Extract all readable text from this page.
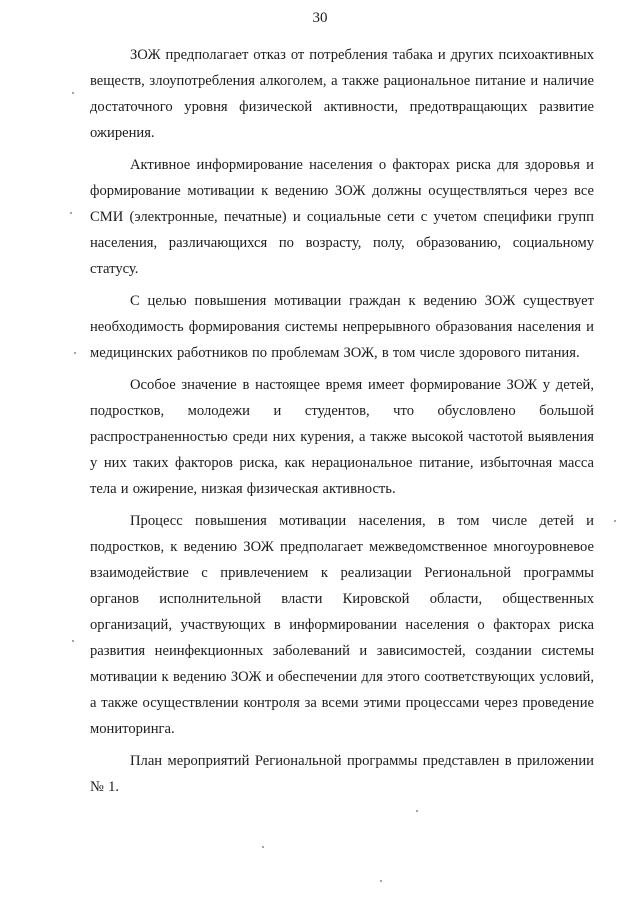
30

ЗОЖ предполагает отказ от потребления табака и других психоактивных веществ, злоупотребления алкоголем, а также рациональное питание и наличие достаточного уровня физической активности, предотвращающих развитие ожирения.

Активное информирование населения о факторах риска для здоровья и формирование мотивации к ведению ЗОЖ должны осуществляться через все СМИ (электронные, печатные) и социальные сети с учетом специфики групп населения, различающихся по возрасту, полу, образованию, социальному статусу.

С целью повышения мотивации граждан к ведению ЗОЖ существует необходимость формирования системы непрерывного образования населения и медицинских работников по проблемам ЗОЖ, в том числе здорового питания.

Особое значение в настоящее время имеет формирование ЗОЖ у детей, подростков, молодежи и студентов, что обусловлено большой распространенностью среди них курения, а также высокой частотой выявления у них таких факторов риска, как нерациональное питание, избыточная масса тела и ожирение, низкая физическая активность.

Процесс повышения мотивации населения, в том числе детей и подростков, к ведению ЗОЖ предполагает межведомственное многоуровневое взаимодействие с привлечением к реализации Региональной программы органов исполнительной власти Кировской области, общественных организаций, участвующих в информировании населения о факторах риска развития неинфекционных заболеваний и зависимостей, создании системы мотивации к ведению ЗОЖ и обеспечении для этого соответствующих условий, а также осуществлении контроля за всеми этими процессами через проведение мониторинга.

План мероприятий Региональной программы представлен в приложении № 1.
